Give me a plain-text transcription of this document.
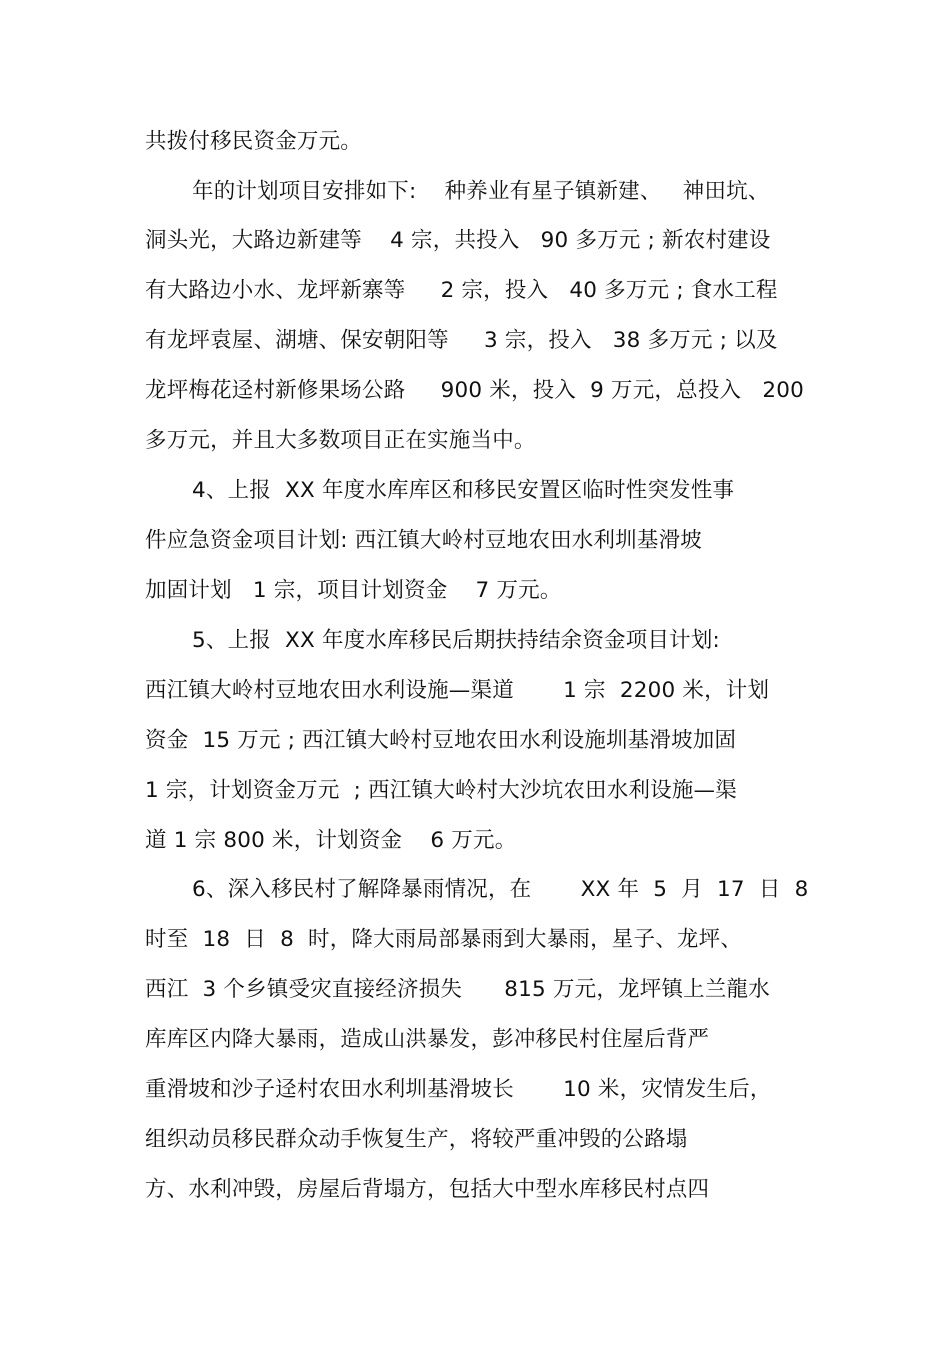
共拨付移民资金万元。
年的计划项目安排如下:    种养业有星子镇新建、   神田坑、
洞头光，大路边新建等    4 宗，共投入   90 多万元 ; 新农村建设
有大路边小水、龙坪新寨等     2 宗，投入   40 多万元 ; 食水工程
有龙坪袁屋、湖塘、保安朝阳等     3 宗，投入   38 多万元 ; 以及
龙坪梅花迳村新修果场公路     900 米，投入  9 万元，总投入   200
多万元，并且大多数项目正在实施当中。
4、上报  XX 年度水库库区和移民安置区临时性突发性事
件应急资金项目计划: 西江镇大岭村豆地农田水利圳基滑坡
加固计划   1 宗，项目计划资金    7 万元。
5、上报  XX 年度水库移民后期扶持结余资金项目计划:
西江镇大岭村豆地农田水利设施—渠道       1 宗  2200 米，计划
资金  15 万元 ; 西江镇大岭村豆地农田水利设施圳基滑坡加固
1 宗，计划资金万元  ; 西江镇大岭村大沙坑农田水利设施—渠
道 1 宗 800 米，计划资金    6 万元。
6、深入移民村了解降暴雨情况，在       XX 年  5  月  17  日  8
时至  18  日  8  时，降大雨局部暴雨到大暴雨，星子、龙坪、
西江  3 个乡镇受灾直接经济损失      815 万元，龙坪镇上兰龍水
库库区内降大暴雨，造成山洪暴发，彭冲移民村住屋后背严
重滑坡和沙子迳村农田水利圳基滑坡长       10 米，灾情发生后，
组织动员移民群众动手恢复生产，将较严重冲毁的公路塌
方、水利冲毁，房屋后背塌方，包括大中型水库移民村点四
